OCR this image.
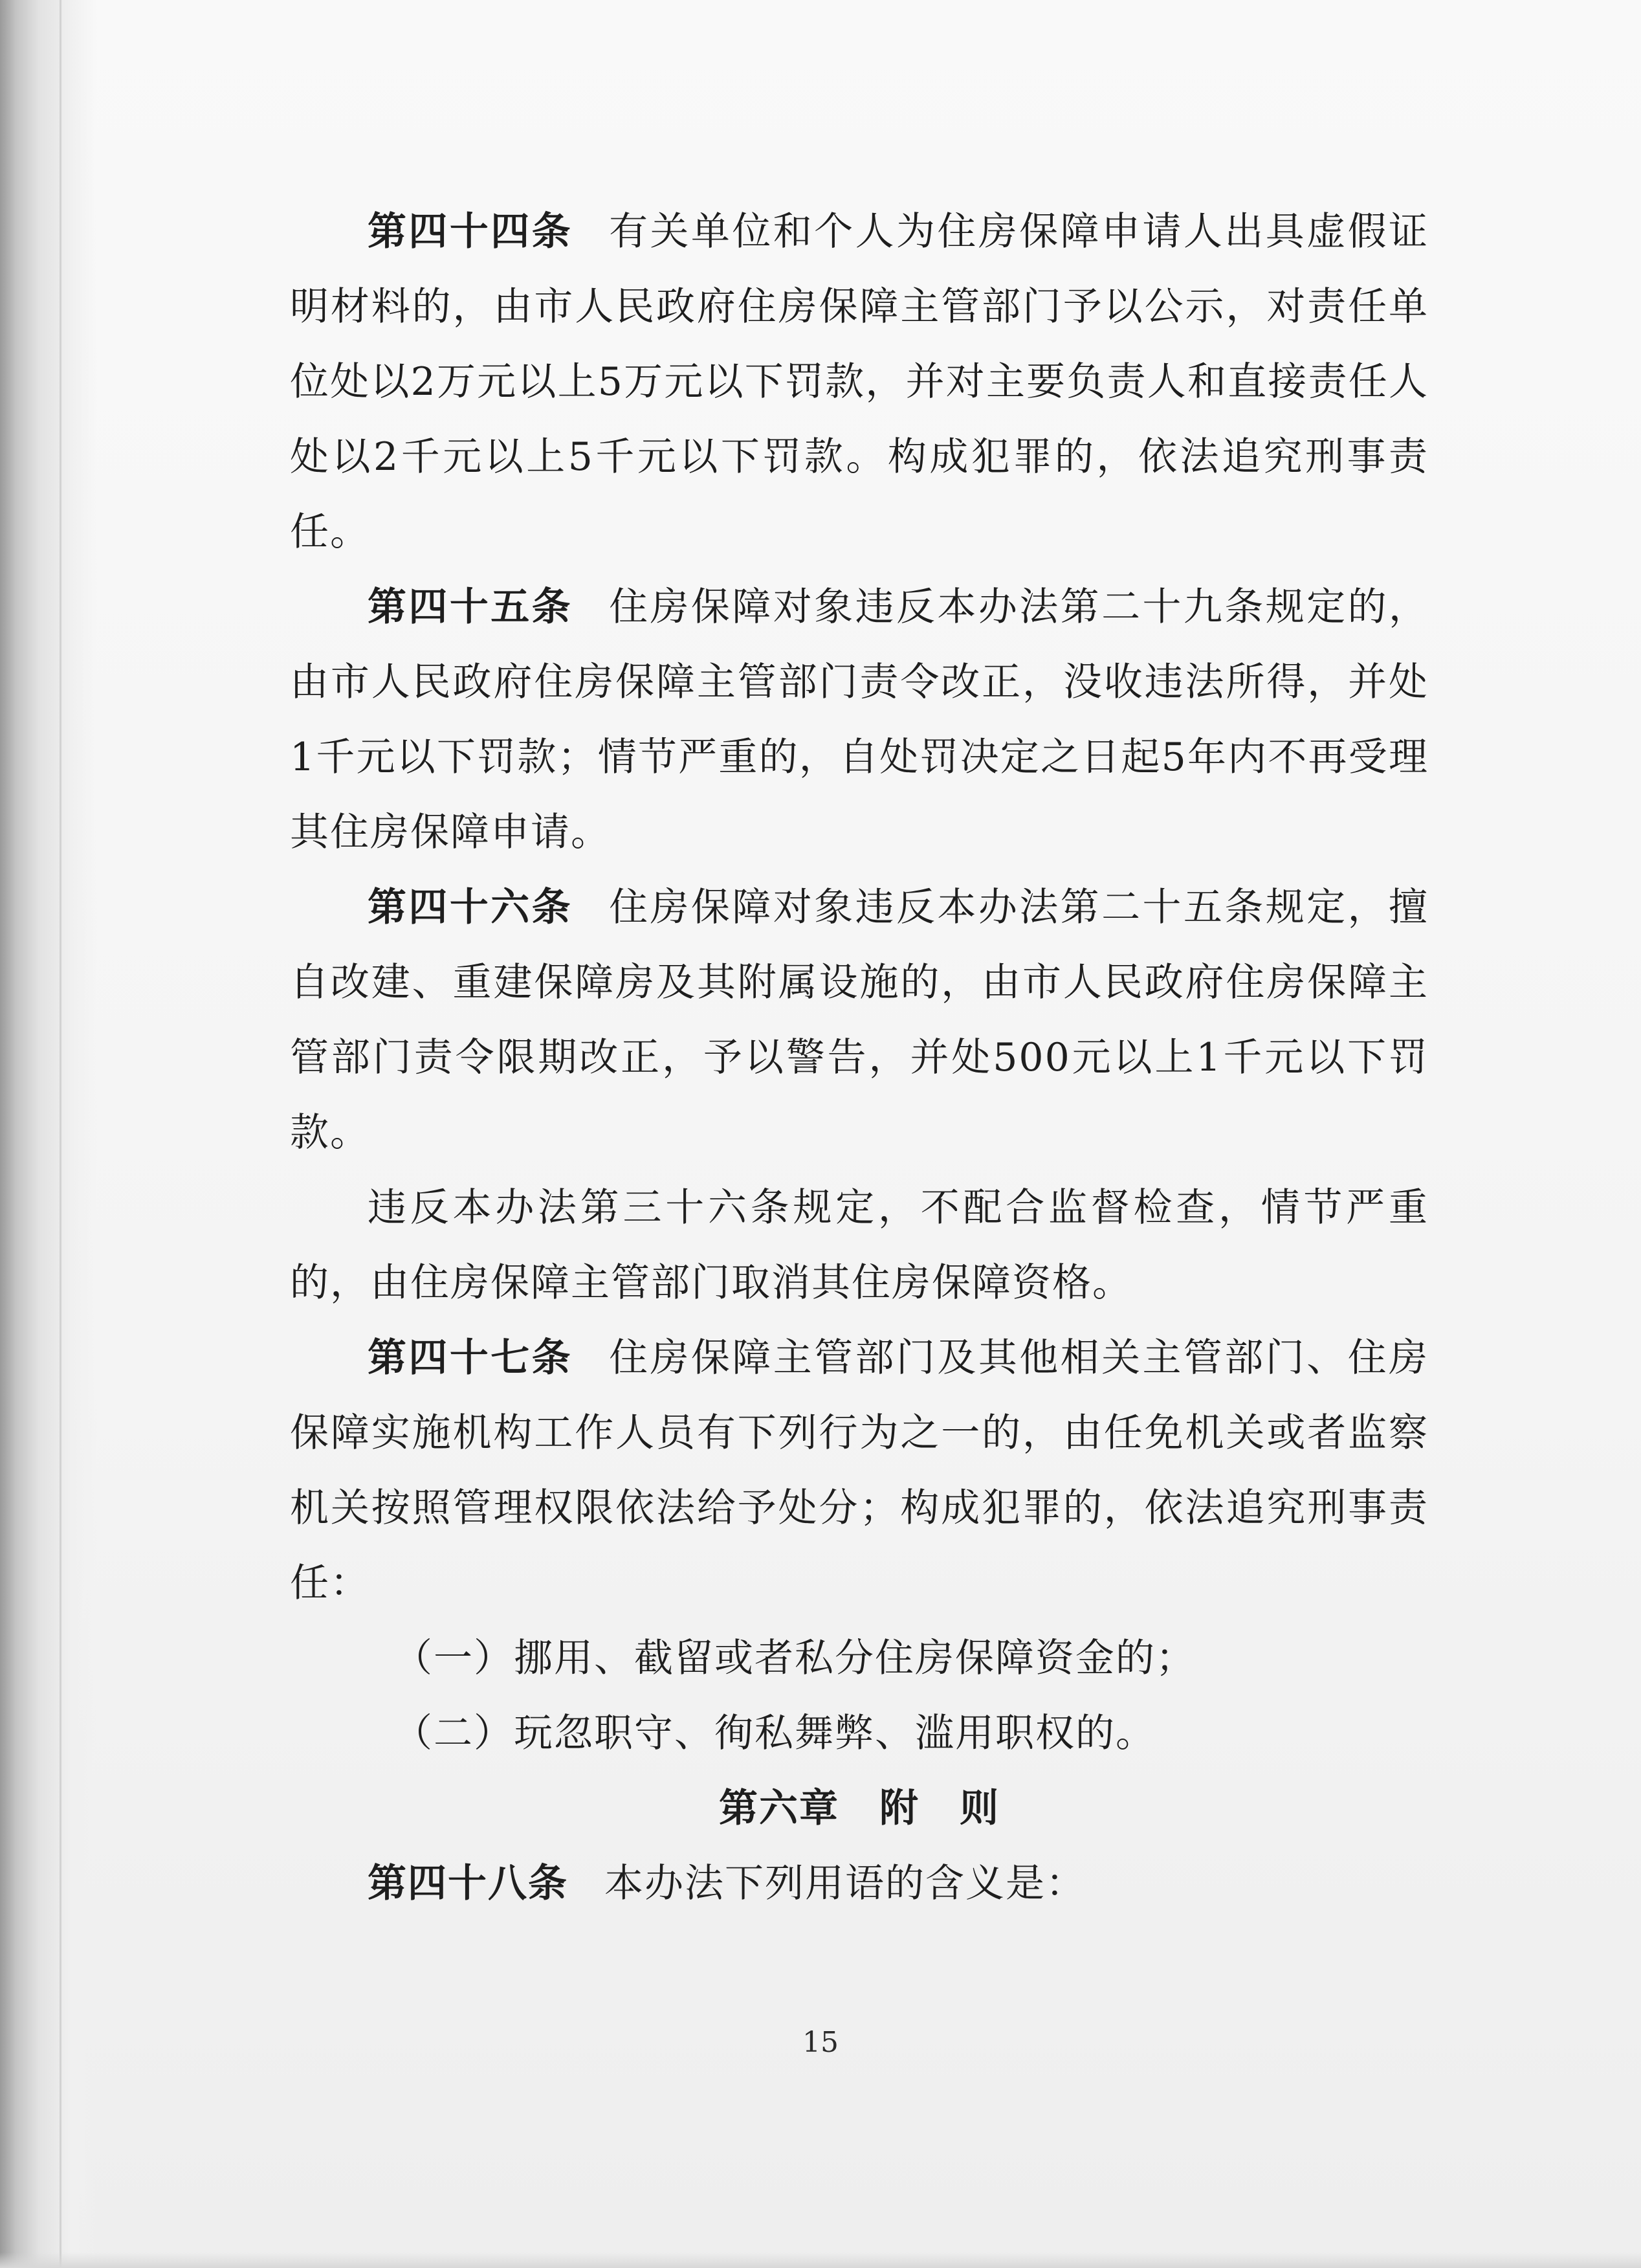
第四十四条 有关单位和个人为住房保障申请人出具虚假证明材料的，由市人民政府住房保障主管部门予以公示，对责任单位处以2万元以上5万元以下罚款，并对主要负责人和直接责任人处以2千元以上5千元以下罚款。构成犯罪的，依法追究刑事责任。

第四十五条 住房保障对象违反本办法第二十九条规定的，由市人民政府住房保障主管部门责令改正，没收违法所得，并处1千元以下罚款；情节严重的，自处罚决定之日起5年内不再受理其住房保障申请。

第四十六条 住房保障对象违反本办法第二十五条规定，擅自改建、重建保障房及其附属设施的，由市人民政府住房保障主管部门责令限期改正，予以警告，并处500元以上1千元以下罚款。

违反本办法第三十六条规定，不配合监督检查，情节严重的，由住房保障主管部门取消其住房保障资格。

第四十七条 住房保障主管部门及其他相关主管部门、住房保障实施机构工作人员有下列行为之一的，由任免机关或者监察机关按照管理权限依法给予处分；构成犯罪的，依法追究刑事责任：

（一）挪用、截留或者私分住房保障资金的；

（二）玩忽职守、徇私舞弊、滥用职权的。

第六章　附　则

第四十八条 本办法下列用语的含义是：

15
